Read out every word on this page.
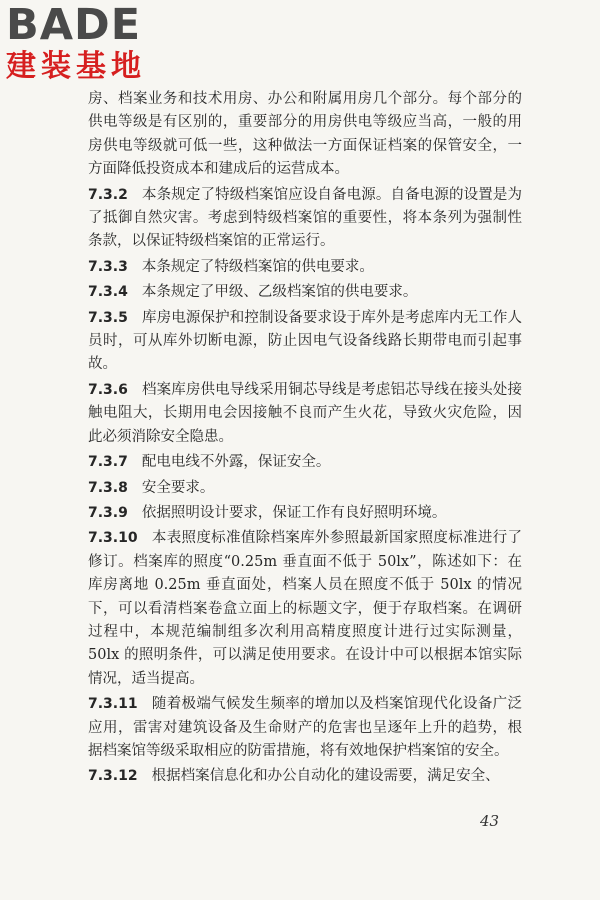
BADE
建装基地

房、档案业务和技术用房、办公和附属用房几个部分。每个部分的供电等级是有区别的，重要部分的用房供电等级应当高，一般的用房供电等级就可低一些，这种做法一方面保证档案的保管安全，一方面降低投资成本和建成后的运营成本。

7.3.2 本条规定了特级档案馆应设自备电源。自备电源的设置是为了抵御自然灾害。考虑到特级档案馆的重要性，将本条列为强制性条款，以保证特级档案馆的正常运行。

7.3.3 本条规定了特级档案馆的供电要求。

7.3.4 本条规定了甲级、乙级档案馆的供电要求。

7.3.5 库房电源保护和控制设备要求设于库外是考虑库内无工作人员时，可从库外切断电源，防止因电气设备线路长期带电而引起事故。

7.3.6 档案库房供电导线采用铜芯导线是考虑铝芯导线在接头处接触电阻大，长期用电会因接触不良而产生火花，导致火灾危险，因此必须消除安全隐患。

7.3.7 配电电线不外露，保证安全。

7.3.8 安全要求。

7.3.9 依据照明设计要求，保证工作有良好照明环境。

7.3.10 本表照度标准值除档案库外参照最新国家照度标准进行了修订。档案库的照度“0.25m 垂直面不低于 50lx”，陈述如下：在库房离地 0.25m 垂直面处，档案人员在照度不低于 50lx 的情况下，可以看清档案卷盒立面上的标题文字，便于存取档案。在调研过程中，本规范编制组多次利用高精度照度计进行过实际测量，50lx 的照明条件，可以满足使用要求。在设计中可以根据本馆实际情况，适当提高。

7.3.11 随着极端气候发生频率的增加以及档案馆现代化设备广泛应用，雷害对建筑设备及生命财产的危害也呈逐年上升的趋势，根据档案馆等级采取相应的防雷措施，将有效地保护档案馆的安全。

7.3.12 根据档案信息化和办公自动化的建设需要，满足安全、

43
